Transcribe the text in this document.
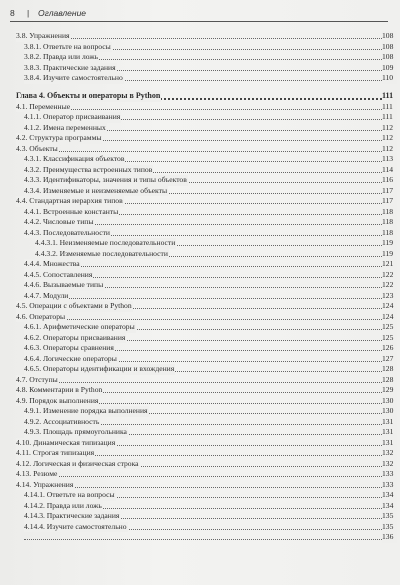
8 | Оглавление
3.8. Упражнения	108
3.8.1. Ответьте на вопросы	108
3.8.2. Правда или ложь	108
3.8.3. Практические задания	109
3.8.4. Изучите самостоятельно	110
Глава 4. Объекты и операторы в Python	111
4.1. Переменные	111
4.1.1. Оператор присваивания	111
4.1.2. Имена переменных	112
4.2. Структура программы	112
4.3. Объекты	112
4.3.1. Классификация объектов	113
4.3.2. Преимущества встроенных типов	114
4.3.3. Идентификаторы, значения и типы объектов	116
4.3.4. Изменяемые и неизменяемые объекты	117
4.4. Стандартная иерархия типов	117
4.4.1. Встроенные константы	118
4.4.2. Числовые типы	118
4.4.3. Последовательности	118
4.4.3.1. Неизменяемые последовательности	119
4.4.3.2. Изменяемые последовательности	119
4.4.4. Множества	121
4.4.5. Сопоставления	122
4.4.6. Вызываемые типы	122
4.4.7. Модули	123
4.5. Операции с объектами в Python	124
4.6. Операторы	124
4.6.1. Арифметические операторы	125
4.6.2. Операторы присваивания	125
4.6.3. Операторы сравнения	126
4.6.4. Логические операторы	127
4.6.5. Операторы идентификации и вхождения	128
4.7. Отступы	128
4.8. Комментарии в Python	129
4.9. Порядок выполнения	130
4.9.1. Изменение порядка выполнения	130
4.9.2. Ассоциативность	131
4.9.3. Площадь прямоугольника	131
4.10. Динамическая типизация	131
4.11. Строгая типизация	132
4.12. Логическая и физическая строка	132
4.13. Резюме	133
4.14. Упражнения	133
4.14.1. Ответьте на вопросы	134
4.14.2. Правда или ложь	134
4.14.3. Практические задания	135
4.14.4. Изучите самостоятельно	135
136
